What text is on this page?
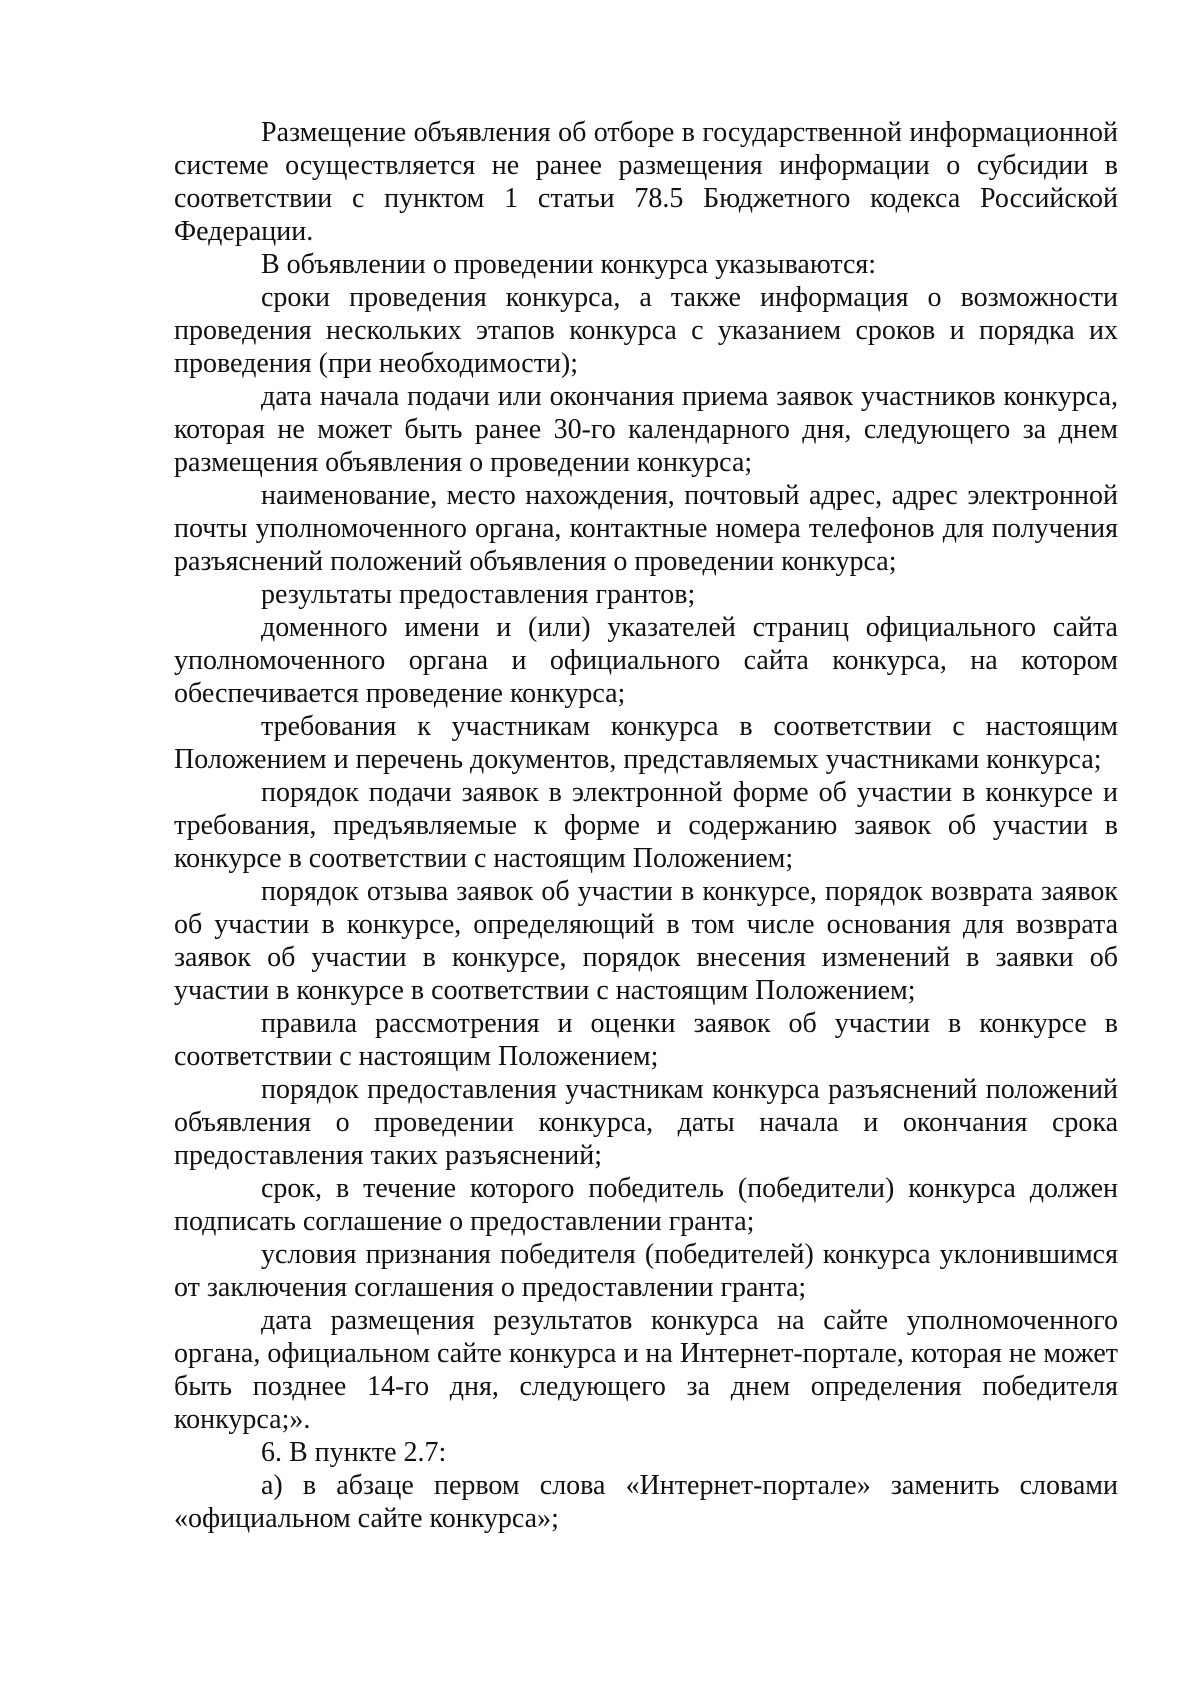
Размещение объявления об отборе в государственной информационной системе осуществляется не ранее размещения информации о субсидии в соответствии с пунктом 1 статьи 78.5 Бюджетного кодекса Российской Федерации.

В объявлении о проведении конкурса указываются:

сроки проведения конкурса, а также информация о возможности проведения нескольких этапов конкурса с указанием сроков и порядка их проведения (при необходимости);

дата начала подачи или окончания приема заявок участников конкурса, которая не может быть ранее 30-го календарного дня, следующего за днем размещения объявления о проведении конкурса;

наименование, место нахождения, почтовый адрес, адрес электронной почты уполномоченного органа, контактные номера телефонов для получения разъяснений положений объявления о проведении конкурса;

результаты предоставления грантов;

доменного имени и (или) указателей страниц официального сайта уполномоченного органа и официального сайта конкурса, на котором обеспечивается проведение конкурса;

требования к участникам конкурса в соответствии с настоящим Положением и перечень документов, представляемых участниками конкурса;

порядок подачи заявок в электронной форме об участии в конкурсе и требования, предъявляемые к форме и содержанию заявок об участии в конкурсе в соответствии с настоящим Положением;

порядок отзыва заявок об участии в конкурсе, порядок возврата заявок об участии в конкурсе, определяющий в том числе основания для возврата заявок об участии в конкурсе, порядок внесения изменений в заявки об участии в конкурсе в соответствии с настоящим Положением;

правила рассмотрения и оценки заявок об участии в конкурсе в соответствии с настоящим Положением;

порядок предоставления участникам конкурса разъяснений положений объявления о проведении конкурса, даты начала и окончания срока предоставления таких разъяснений;

срок, в течение которого победитель (победители) конкурса должен подписать соглашение о предоставлении гранта;

условия признания победителя (победителей) конкурса уклонившимся от заключения соглашения о предоставлении гранта;

дата размещения результатов конкурса на сайте уполномоченного органа, официальном сайте конкурса и на Интернет-портале, которая не может быть позднее 14-го дня, следующего за днем определения победителя конкурса;».

6. В пункте 2.7:

а) в абзаце первом слова «Интернет-портале» заменить словами «официальном сайте конкурса»;
